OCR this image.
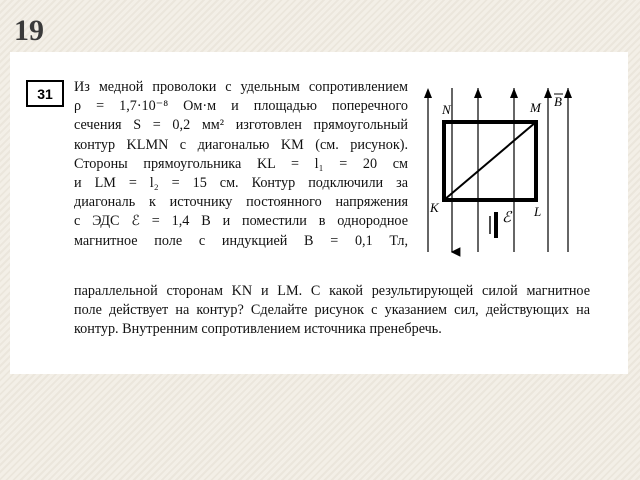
19
31	Из медной проволоки с удельным сопротивлением
ρ = 1,7·10⁻⁸ Ом·м и площадью поперечного
сечения S = 0,2 мм² изготовлен прямоугольный
контур KLMN с диагональю KM (см. рисунок).
Стороны прямоугольника KL = l₁ = 20 см
и LM = l₂ = 15 см. Контур подключили за
диагональ к источнику постоянного напряжения
с ЭДС ℰ = 1,4 В и поместили в однородное
магнитное поле с индукцией B = 0,1 Тл,
параллельной сторонам KN и LM. С какой результирующей силой магнитное
поле действует на контур? Сделайте рисунок с указанием сил, действующих на
контур. Внутренним сопротивлением источника пренебречь.
N	M B
K	L
ℰ
